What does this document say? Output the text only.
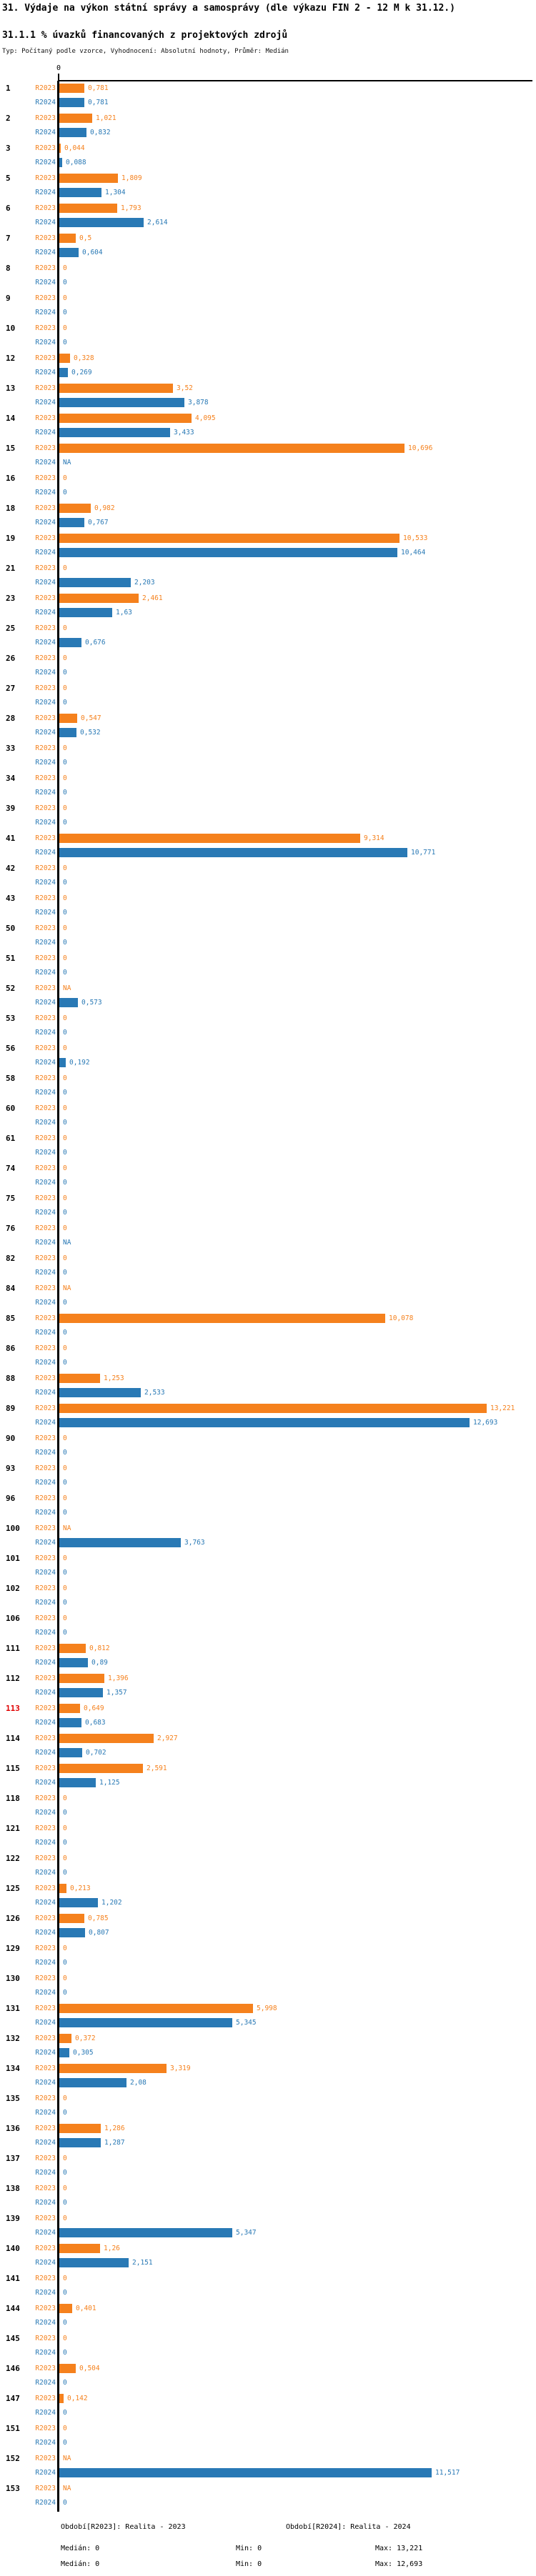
31. Výdaje na výkon státní správy a samosprávy (dle výkazu FIN 2 - 12 M k 31.12.)
31.1.1 % úvazků financovaných z projektových zdrojů
Typ: Počítaný podle vzorce, Vyhodnocení: Absolutní hodnoty, Průměr: Medián
0
1	R2023	0,781
R2024	0,781
2	R2023	1,021
R2024	0,832
3	R2023 0,044
R2024 0,088
5	R2023	1,809
R2024	1,304
6	R2023	1,793
R2024	2,614
7	R2023	0,5
R2024	0,604
8	R2023 0
R2024 0
9	R2023 0
R2024 0
10	R2023 0
R2024 0
12	R2023	0,328
R2024 0,269
13	R2023	3,52
R2024	3,878
14	R2023	4,095
R2024	3,433
15	R2023	10,696
R2024 NA
16	R2023 0
R2024 0
18	R2023	0,982
R2024	0,767
19	R2023	10,533
R2024	10,464
21	R2023 0
R2024	2,203
23	R2023	2,461
R2024	1,63
25	R2023 0
R2024	0,676
26	R2023 0
R2024 0
27	R2023 0
R2024 0
28	R2023	0,547
R2024	0,532
33	R2023 0
R2024 0
34	R2023 0
R2024 0
39	R2023 0
R2024 0
41	R2023	9,314
R2024	10,771
42	R2023 0
R2024 0
43	R2023 0
R2024 0
50	R2023 0
R2024 0
51	R2023 0
R2024 0
52	R2023 NA
R2024	0,573
53	R2023 0
R2024 0
56	R2023 0
R2024 0,192
58	R2023 0
R2024 0
60	R2023 0
R2024 0
61	R2023 0
R2024 0
74	R2023 0
R2024 0
75	R2023 0
R2024 0
76	R2023 0
R2024 NA
82	R2023 0
R2024 0
84	R2023 NA
R2024 0
85	R2023	10,078
R2024 0
86	R2023 0
R2024 0
88	R2023	1,253
R2024	2,533
89	R2023	13,221
R2024	12,693
90	R2023 0
R2024 0
93	R2023 0
R2024 0
96	R2023 0
R2024 0
100	R2023 NA
R2024	3,763
101	R2023 0
R2024 0
102	R2023 0
R2024 0
106	R2023 0
R2024 0
111	R2023	0,812
R2024	0,89
112	R2023	1,396
R2024	1,357
113	R2023	0,649
R2024	0,683
114	R2023	2,927
R2024	0,702
115	R2023	2,591
R2024	1,125
118	R2023 0
R2024 0
121	R2023 0
R2024 0
122	R2023 0
R2024 0
125	R2023 0,213
R2024	1,202
126	R2023	0,785
R2024	0,807
129	R2023 0
R2024 0
130	R2023 0
R2024 0
131	R2023	5,998
R2024	5,345
132	R2023	0,372
R2024	0,305
134	R2023	3,319
R2024	2,08
135	R2023 0
R2024 0
136	R2023	1,286
R2024	1,287
137	R2023 0
R2024 0
138	R2023 0
R2024 0
139	R2023 0
R2024	5,347
140	R2023	1,26
R2024	2,151
141	R2023 0
R2024 0
144	R2023	0,401
R2024 0
145	R2023 0
R2024 0
146	R2023	0,504
R2024 0
147	R2023 0,142
R2024 0
151	R2023 0
R2024 0
152	R2023 NA
R2024	11,517
153	R2023 NA
R2024 0
Období[R2023]: Realita - 2023	Období[R2024]: Realita - 2024
Medián: 0	Min: 0	Max: 13,221
Medián: 0	Min: 0	Max: 12,693
